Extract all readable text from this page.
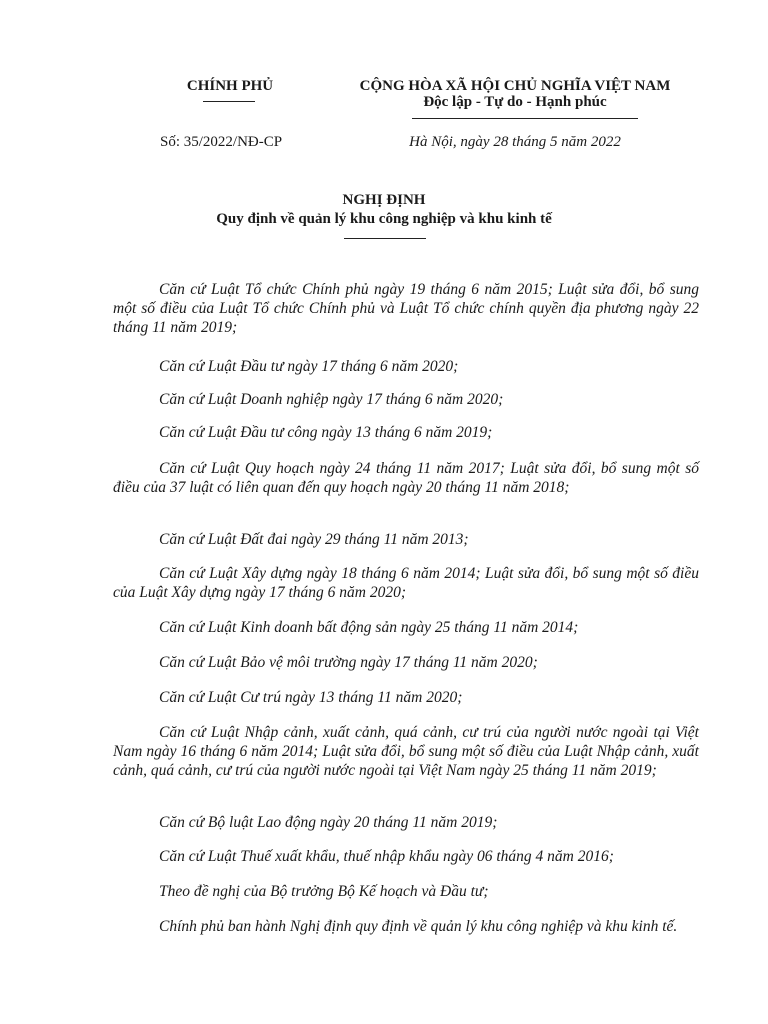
CHÍNH PHỦ	CỘNG HÒA XÃ HỘI CHỦ NGHĨA VIỆT NAM
Độc lập - Tự do - Hạnh phúc
Số: 35/2022/NĐ-CP	Hà Nội, ngày 28 tháng 5 năm 2022
NGHỊ ĐỊNH
Quy định về quản lý khu công nghiệp và khu kinh tế

Căn cứ Luật Tổ chức Chính phủ ngày 19 tháng 6 năm 2015; Luật sửa đổi, bổ sung một số điều của Luật Tổ chức Chính phủ và Luật Tổ chức chính quyền địa phương ngày 22 tháng 11 năm 2019;

Căn cứ Luật Đầu tư ngày 17 tháng 6 năm 2020;

Căn cứ Luật Doanh nghiệp ngày 17 tháng 6 năm 2020;

Căn cứ Luật Đầu tư công ngày 13 tháng 6 năm 2019;

Căn cứ Luật Quy hoạch ngày 24 tháng 11 năm 2017; Luật sửa đổi, bổ sung một số điều của 37 luật có liên quan đến quy hoạch ngày 20 tháng 11 năm 2018;

Căn cứ Luật Đất đai ngày 29 tháng 11 năm 2013;

Căn cứ Luật Xây dựng ngày 18 tháng 6 năm 2014; Luật sửa đổi, bổ sung một số điều của Luật Xây dựng ngày 17 tháng 6 năm 2020;

Căn cứ Luật Kinh doanh bất động sản ngày 25 tháng 11 năm 2014;

Căn cứ Luật Bảo vệ môi trường ngày 17 tháng 11 năm 2020;

Căn cứ Luật Cư trú ngày 13 tháng 11 năm 2020;

Căn cứ Luật Nhập cảnh, xuất cảnh, quá cảnh, cư trú của người nước ngoài tại Việt Nam ngày 16 tháng 6 năm 2014; Luật sửa đổi, bổ sung một số điều của Luật Nhập cảnh, xuất cảnh, quá cảnh, cư trú của người nước ngoài tại Việt Nam ngày 25 tháng 11 năm 2019;

Căn cứ Bộ luật Lao động ngày 20 tháng 11 năm 2019;

Căn cứ Luật Thuế xuất khẩu, thuế nhập khẩu ngày 06 tháng 4 năm 2016;

Theo đề nghị của Bộ trưởng Bộ Kế hoạch và Đầu tư;

Chính phủ ban hành Nghị định quy định về quản lý khu công nghiệp và khu kinh tế.
